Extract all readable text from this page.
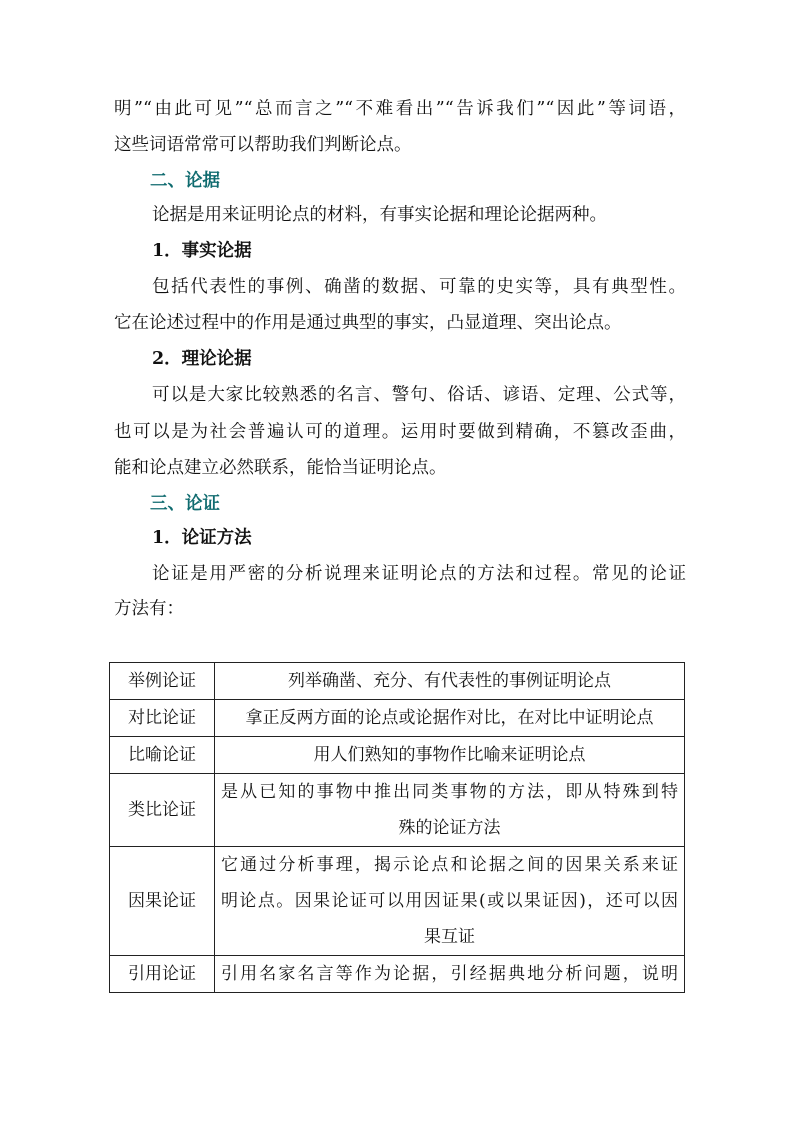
明”“由此可见”“总而言之”“不难看出”“告诉我们”“因此”等词语，
这些词语常常可以帮助我们判断论点。
二、论据
论据是用来证明论点的材料，有事实论据和理论论据两种。
1．事实论据
包括代表性的事例、确凿的数据、可靠的史实等，具有典型性。
它在论述过程中的作用是通过典型的事实，凸显道理、突出论点。
2．理论论据
可以是大家比较熟悉的名言、警句、俗话、谚语、定理、公式等，
也可以是为社会普遍认可的道理。运用时要做到精确，不篡改歪曲，
能和论点建立必然联系，能恰当证明论点。
三、论证
1．论证方法
论证是用严密的分析说理来证明论点的方法和过程。常见的论证
方法有：
举例论证	列举确凿、充分、有代表性的事例证明论点

对比论证	拿正反两方面的论点或论据作对比，在对比中证明论点

比喻论证	用人们熟知的事物作比喻来证明论点

类比论证	是从已知的事物中推出同类事物的方法，即从特殊到特
殊的论证方法

因果论证	它通过分析事理，揭示论点和论据之间的因果关系来证
明论点。因果论证可以用因证果(或以果证因)，还可以因
果互证

引用论证	引用名家名言等作为论据，引经据典地分析问题，说明
